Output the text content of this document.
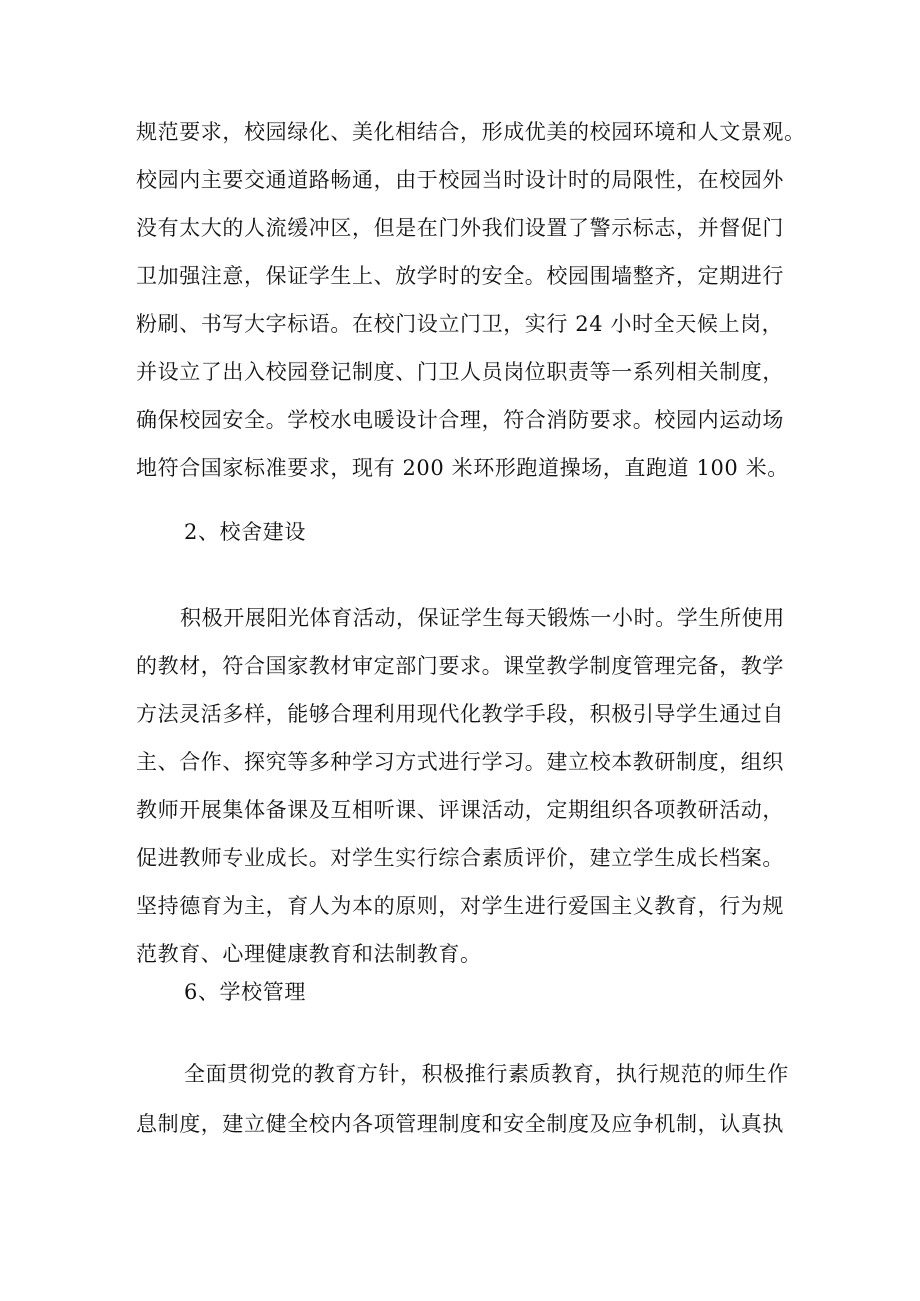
规范要求，校园绿化、美化相结合，形成优美的校园环境和人文景观。
校园内主要交通道路畅通，由于校园当时设计时的局限性，在校园外
没有太大的人流缓冲区，但是在门外我们设置了警示标志，并督促门
卫加强注意，保证学生上、放学时的安全。校园围墙整齐，定期进行
粉刷、书写大字标语。在校门设立门卫，实行 24 小时全天候上岗，
并设立了出入校园登记制度、门卫人员岗位职责等一系列相关制度，
确保校园安全。学校水电暖设计合理，符合消防要求。校园内运动场
地符合国家标准要求，现有 200 米环形跑道操场，直跑道 100 米。
2、校舍建设
积极开展阳光体育活动，保证学生每天锻炼一小时。学生所使用
的教材，符合国家教材审定部门要求。课堂教学制度管理完备，教学
方法灵活多样，能够合理利用现代化教学手段，积极引导学生通过自
主、合作、探究等多种学习方式进行学习。建立校本教研制度，组织
教师开展集体备课及互相听课、评课活动，定期组织各项教研活动，
促进教师专业成长。对学生实行综合素质评价，建立学生成长档案。
坚持德育为主，育人为本的原则，对学生进行爱国主义教育，行为规
范教育、心理健康教育和法制教育。
6、学校管理
全面贯彻党的教育方针，积极推行素质教育，执行规范的师生作
息制度，建立健全校内各项管理制度和安全制度及应争机制，认真执
